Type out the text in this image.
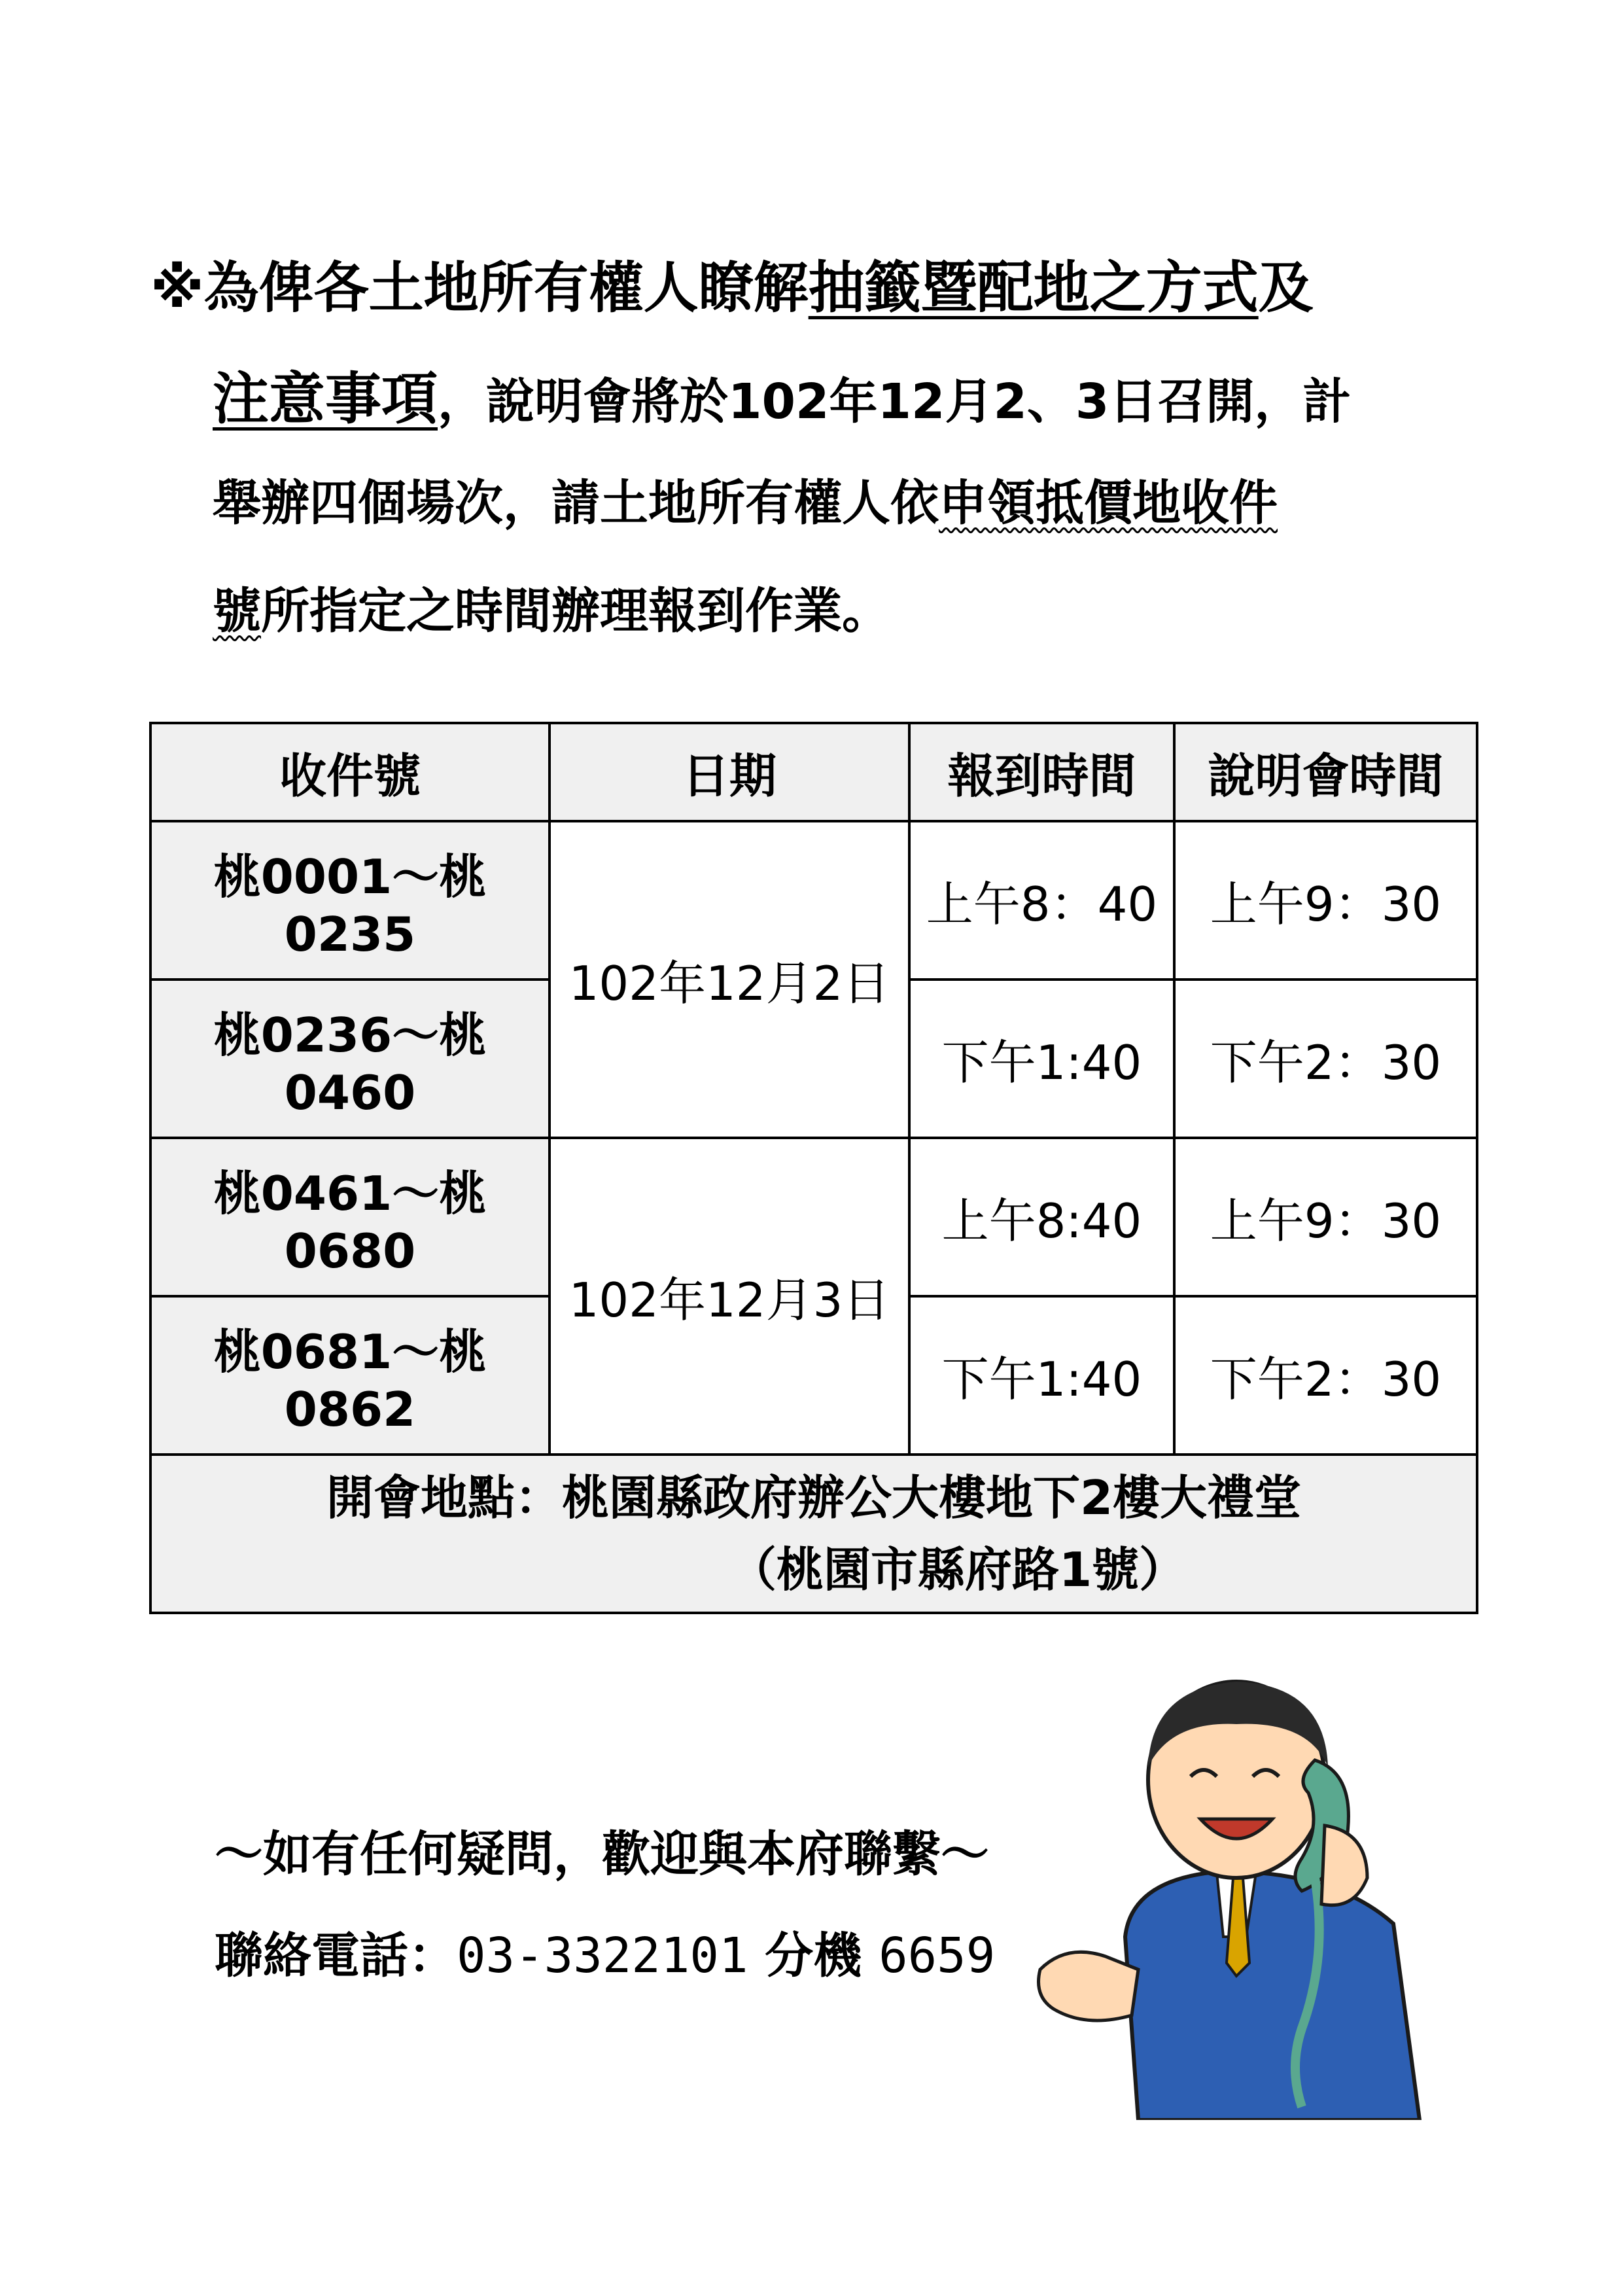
※為俾各土地所有權人瞭解抽籤暨配地之方式及
注意事項，說明會將於102年12月2、3日召開，計
舉辦四個場次，請土地所有權人依申領抵價地收件
號所指定之時間辦理報到作業。
收件號	日期	報到時間	說明會時間
桃0001～桃0235	102年12月2日	上午8：40	上午9：30
桃0236～桃0460		下午1:40	下午2：30
桃0461～桃0680	102年12月3日	上午8:40	上午9：30
桃0681～桃0862		下午1:40	下午2：30
開會地點：桃園縣政府辦公大樓地下2樓大禮堂
（桃園市縣府路1號）			
～如有任何疑問，歡迎與本府聯繫～
聯絡電話：03-3322101 分機 6659
